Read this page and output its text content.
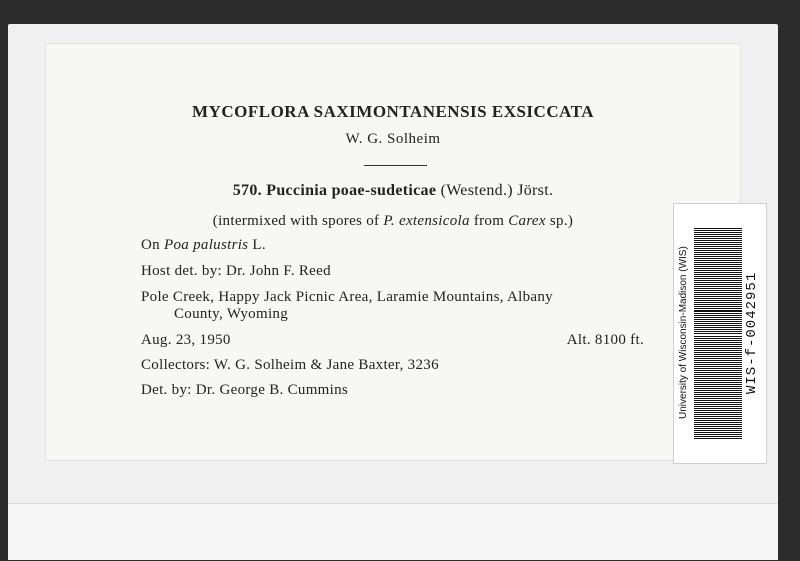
MYCOFLORA SAXIMONTANENSIS EXSICCATA
W. G. Solheim
570. Puccinia poae-sudeticae (Westend.) Jörst.
(intermixed with spores of P. extensicola from Carex sp.)
On Poa palustris L.
Host det. by: Dr. John F. Reed
Pole Creek, Happy Jack Picnic Area, Laramie Mountains, Albany
County, Wyoming
Aug. 23, 1950	Alt. 8100 ft.
Collectors: W. G. Solheim & Jane Baxter, 3236
Det. by: Dr. George B. Cummins	University of Wisconsin-Madison (WIS)	WIS-f-0042951
